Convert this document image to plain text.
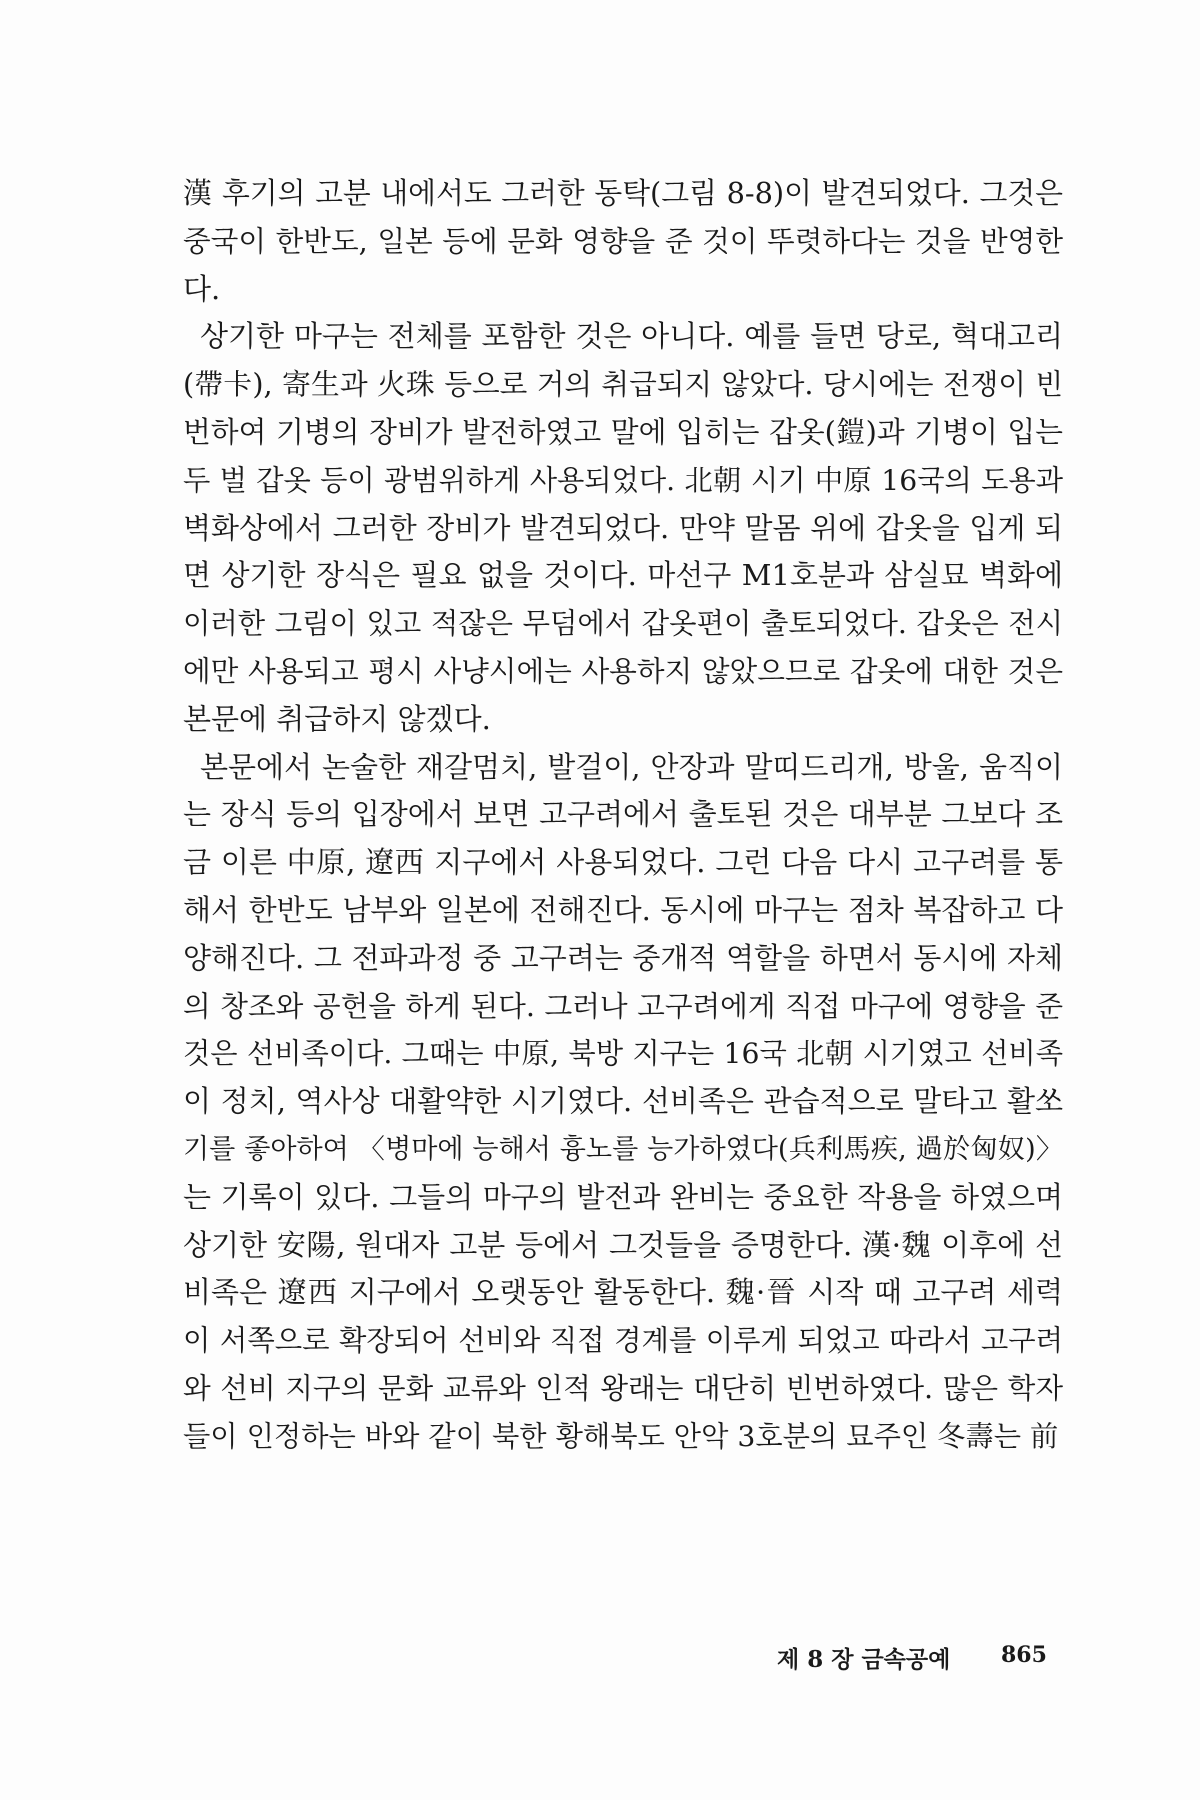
漢 후기의 고분 내에서도 그러한 동탁(그림 8-8)이 발견되었다. 그것은
중국이 한반도, 일본 등에 문화 영향을 준 것이 뚜렷하다는 것을 반영한
다.
상기한 마구는 전체를 포함한 것은 아니다. 예를 들면 당로, 혁대고리
(帶卡), 寄生과 火珠 등으로 거의 취급되지 않았다. 당시에는 전쟁이 빈
번하여 기병의 장비가 발전하였고 말에 입히는 갑옷(鎧)과 기병이 입는
두 벌 갑옷 등이 광범위하게 사용되었다. 北朝 시기 中原 16국의 도용과
벽화상에서 그러한 장비가 발견되었다. 만약 말몸 위에 갑옷을 입게 되
면 상기한 장식은 필요 없을 것이다. 마선구 M1호분과 삼실묘 벽화에
이러한 그림이 있고 적잖은 무덤에서 갑옷편이 출토되었다. 갑옷은 전시
에만 사용되고 평시 사냥시에는 사용하지 않았으므로 갑옷에 대한 것은
본문에 취급하지 않겠다.
본문에서 논술한 재갈멈치, 발걸이, 안장과 말띠드리개, 방울, 움직이
는 장식 등의 입장에서 보면 고구려에서 출토된 것은 대부분 그보다 조
금 이른 中原, 遼西 지구에서 사용되었다. 그런 다음 다시 고구려를 통
해서 한반도 남부와 일본에 전해진다. 동시에 마구는 점차 복잡하고 다
양해진다. 그 전파과정 중 고구려는 중개적 역할을 하면서 동시에 자체
의 창조와 공헌을 하게 된다. 그러나 고구려에게 직접 마구에 영향을 준
것은 선비족이다. 그때는 中原, 북방 지구는 16국 北朝 시기였고 선비족
이 정치, 역사상 대활약한 시기였다. 선비족은 관습적으로 말타고 활쏘
기를 좋아하여 〈병마에 능해서 흉노를 능가하였다(兵利馬疾, 過於匈奴)〉
는 기록이 있다. 그들의 마구의 발전과 완비는 중요한 작용을 하였으며
상기한 安陽, 원대자 고분 등에서 그것들을 증명한다. 漢·魏 이후에 선
비족은 遼西 지구에서 오랫동안 활동한다. 魏·晉 시작 때 고구려 세력
이 서쪽으로 확장되어 선비와 직접 경계를 이루게 되었고 따라서 고구려
와 선비 지구의 문화 교류와 인적 왕래는 대단히 빈번하였다. 많은 학자
들이 인정하는 바와 같이 북한 황해북도 안악 3호분의 묘주인 冬壽는 前
제 8 장 금속공예 865
